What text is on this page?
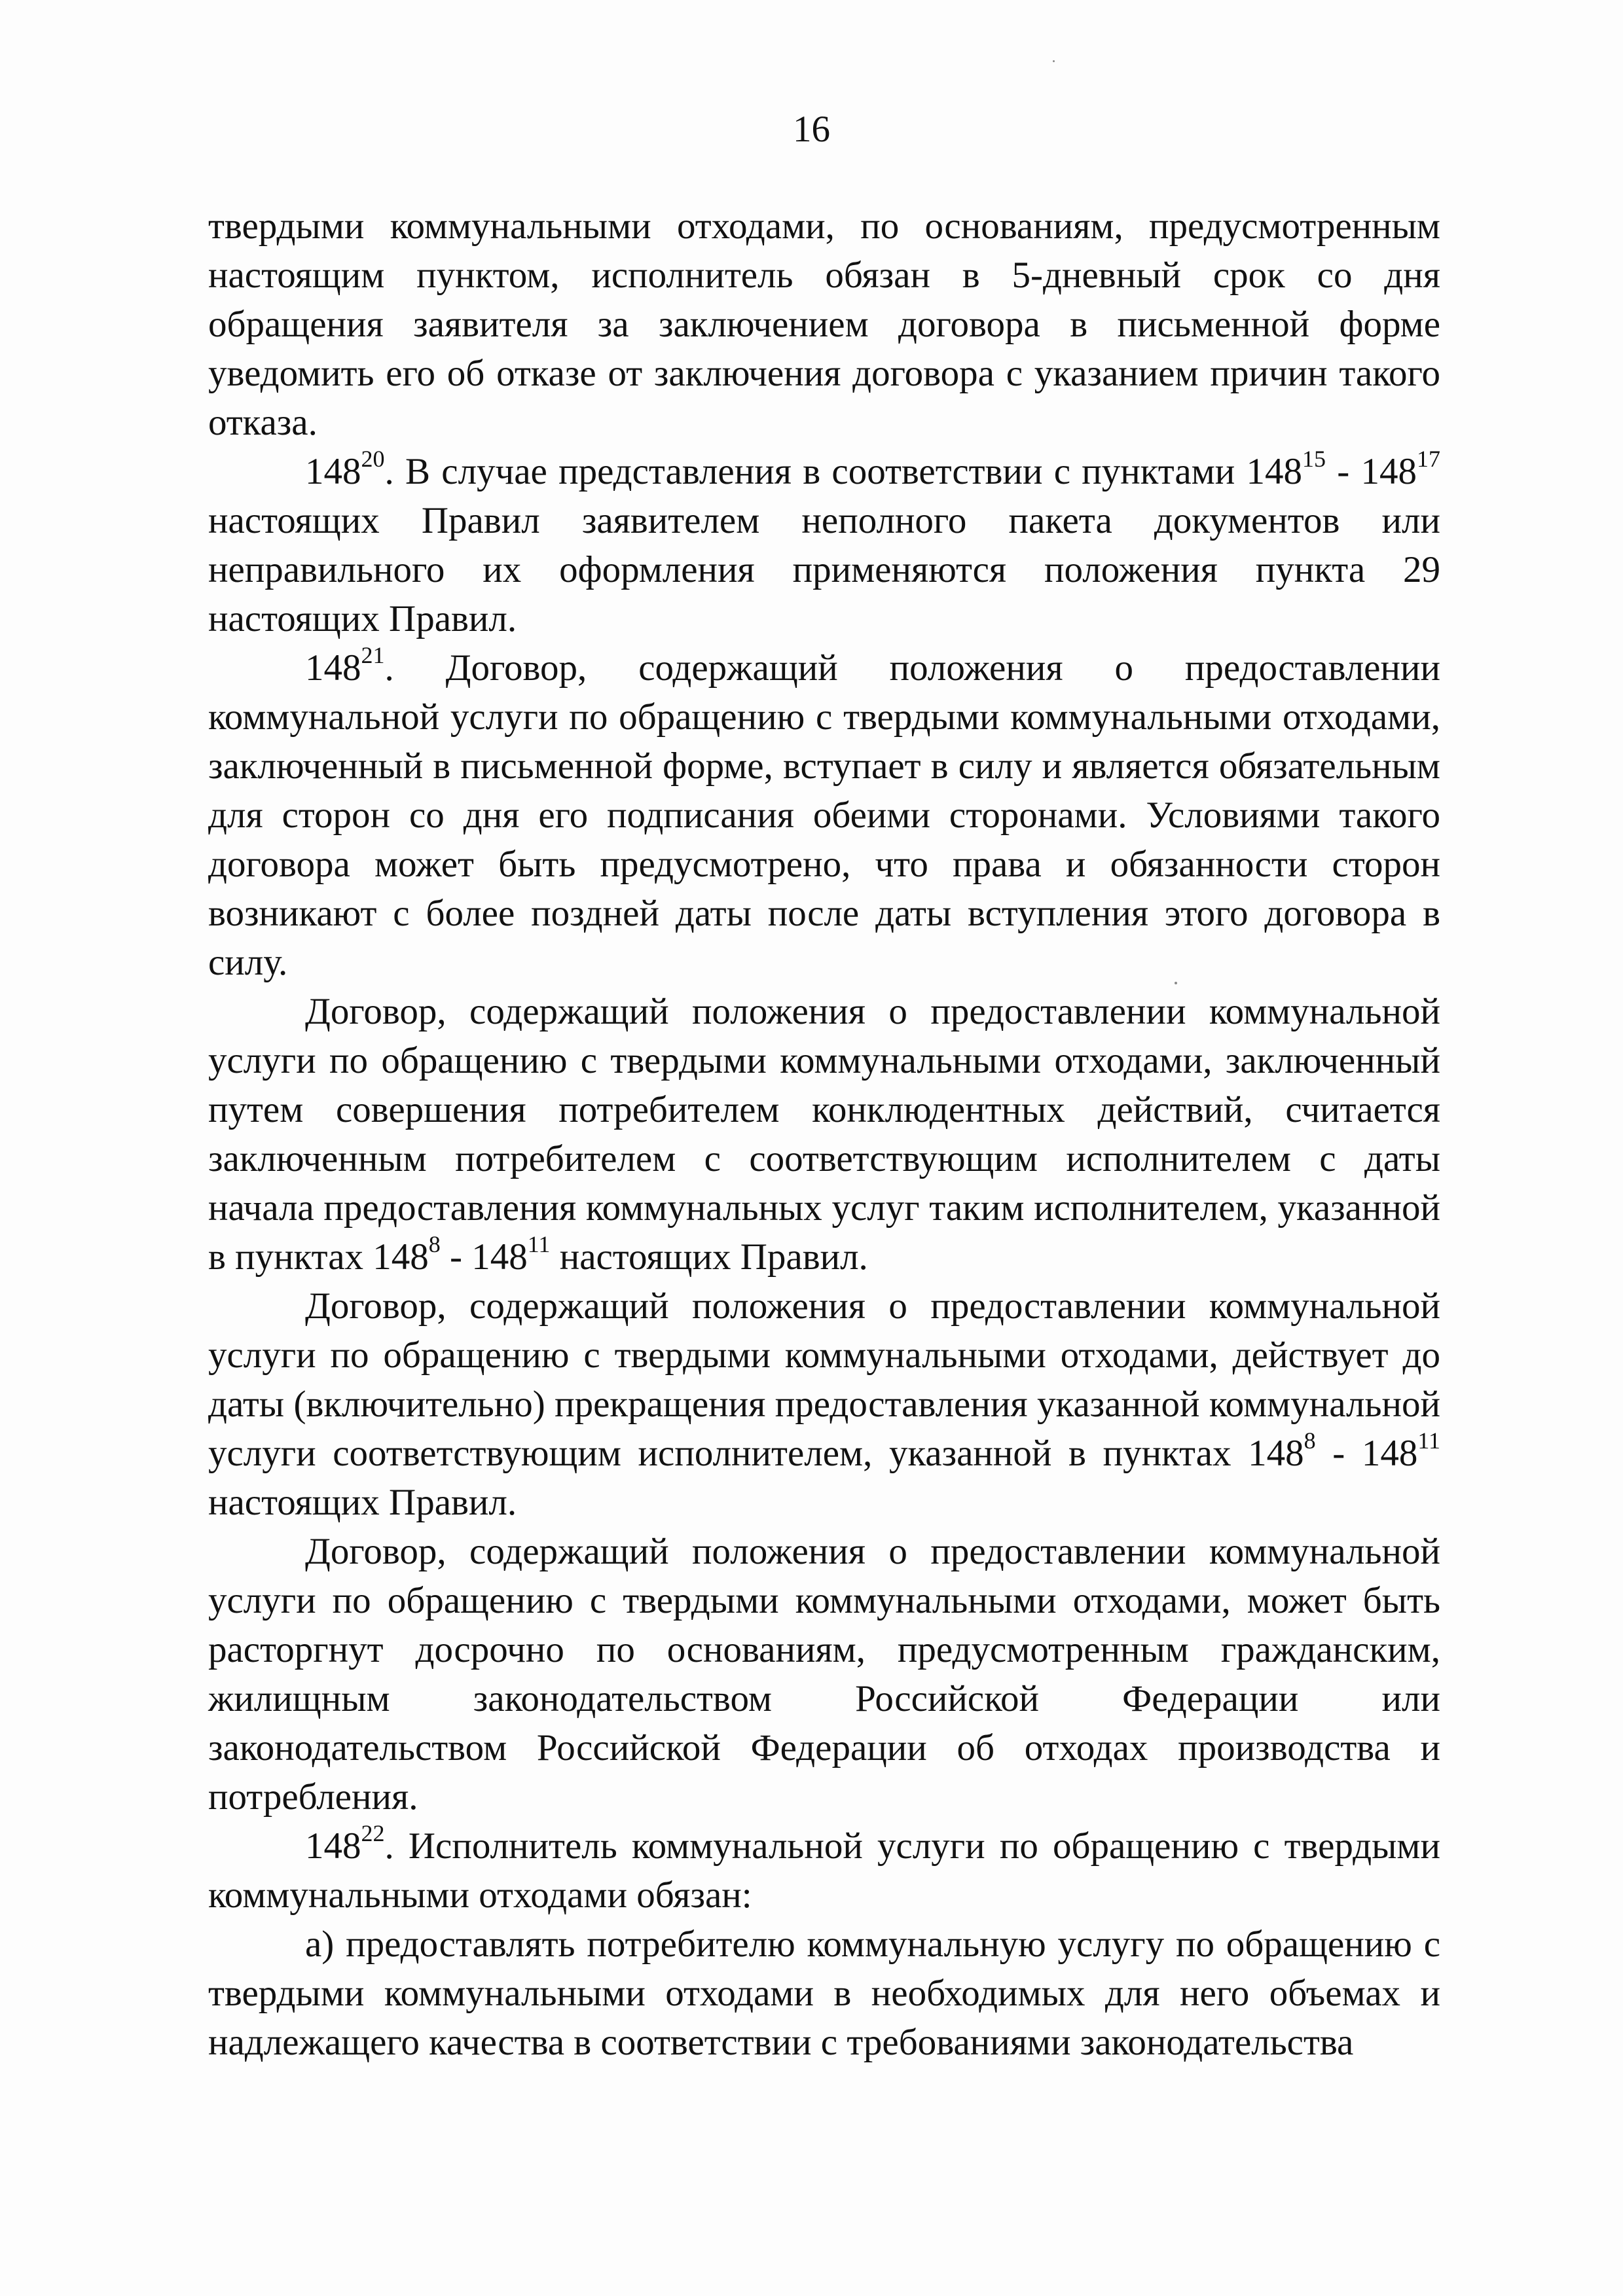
16

твердыми коммунальными отходами, по основаниям, предусмотренным настоящим пунктом, исполнитель обязан в 5-дневный срок со дня обращения заявителя за заключением договора в письменной форме уведомить его об отказе от заключения договора с указанием причин такого отказа.

$148^{20}$. В случае представления в соответствии с пунктами $148^{15} - 148^{17}$ настоящих Правил заявителем неполного пакета документов или неправильного их оформления применяются положения пункта 29 настоящих Правил.

$148^{21}$. Договор, содержащий положения о предоставлении коммунальной услуги по обращению с твердыми коммунальными отходами, заключенный в письменной форме, вступает в силу и является обязательным для сторон со дня его подписания обеими сторонами. Условиями такого договора может быть предусмотрено, что права и обязанности сторон возникают с более поздней даты после даты вступления этого договора в силу.

Договор, содержащий положения о предоставлении коммунальной услуги по обращению с твердыми коммунальными отходами, заключенный путем совершения потребителем конклюдентных действий, считается заключенным потребителем с соответствующим исполнителем с даты начала предоставления коммунальных услуг таким исполнителем, указанной в пунктах $148^8 - 148^{11}$ настоящих Правил.

Договор, содержащий положения о предоставлении коммунальной услуги по обращению с твердыми коммунальными отходами, действует до даты (включительно) прекращения предоставления указанной коммунальной услуги соответствующим исполнителем, указанной в пунктах $148^8 - 148^{11}$ настоящих Правил.

Договор, содержащий положения о предоставлении коммунальной услуги по обращению с твердыми коммунальными отходами, может быть расторгнут досрочно по основаниям, предусмотренным гражданским, жилищным законодательством Российской Федерации или законодательством Российской Федерации об отходах производства и потребления.

$148^{22}$. Исполнитель коммунальной услуги по обращению с твердыми коммунальными отходами обязан:

а) предоставлять потребителю коммунальную услугу по обращению с твердыми коммунальными отходами в необходимых для него объемах и надлежащего качества в соответствии с требованиями законодательства
